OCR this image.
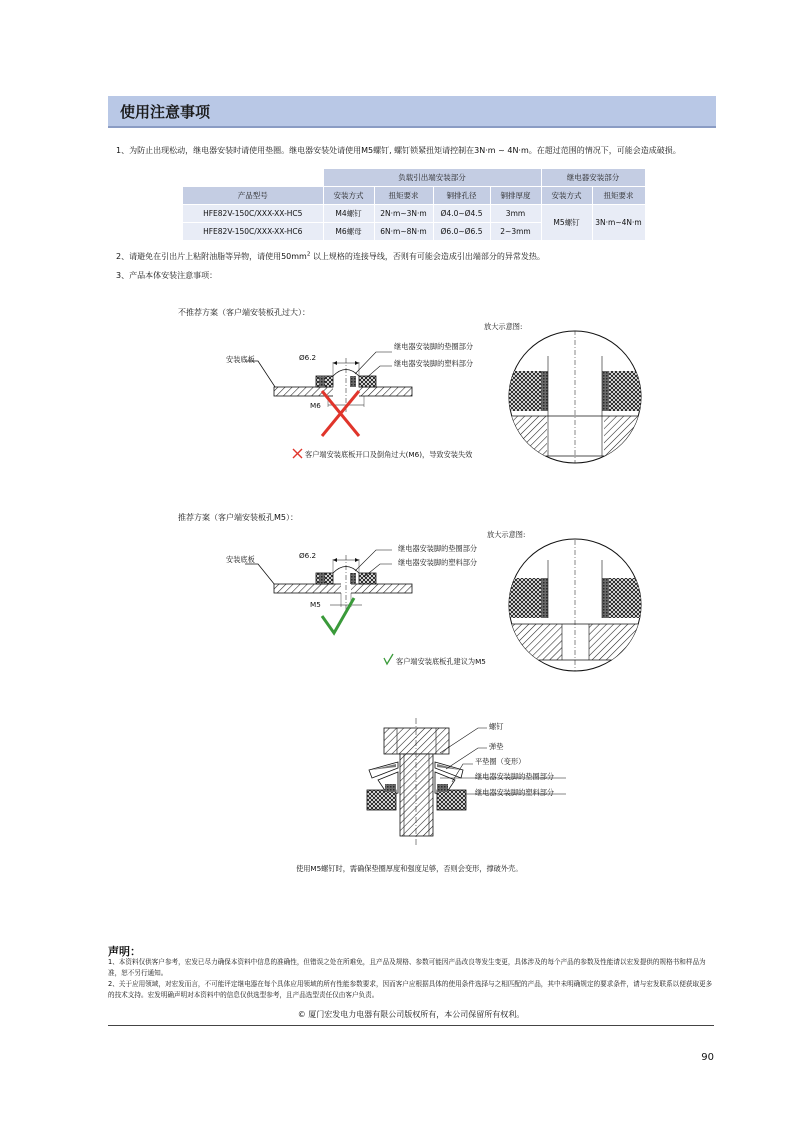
使用注意事项
1、为防止出现松动，继电器安装时请使用垫圈。继电器安装处请使用M5螺钉, 螺钉锁紧扭矩请控制在3N·m ~ 4N·m。在超过范围的情况下，可能会造成破损。
	负载引出端安装部分				继电器安装部分	
产品型号	安装方式	扭矩要求	铜排孔径	铜排厚度	安装方式	扭矩要求
HFE82V-150C/XXX-XX-HC5	M4螺钉	2N·m~3N·m	Ø4.0~Ø4.5	3mm	M5螺钉	3N·m~4N·m
HFE82V-150C/XXX-XX-HC6	M6螺母	6N·m~8N·m	Ø6.0~Ø6.5	2~3mm		
2、请避免在引出片上粘附油脂等异物，请使用$50mm^2$ 以上规格的连接导线，否则有可能会造成引出端部分的异常发热。
3、产品本体安装注意事项：
不推荐方案（客户端安装板孔过大）：
放大示意图:
安装底板	Ø6.2
继电器安装脚的垫圈部分
继电器安装脚的塑料部分
M6
客户端安装底板开口及倒角过大(M6)，导致安装失效
推荐方案（客户端安装板孔M5）：
放大示意图:
安装底板	Ø6.2
继电器安装脚的垫圈部分
继电器安装脚的塑料部分
M5
客户端安装底板孔建议为M5
螺钉
弹垫
平垫圈（变形）
继电器安装脚的垫圈部分
继电器安装脚的塑料部分
使用M5螺钉时，需确保垫圈厚度和强度足够，否则会变形，撑破外壳。
声明：
1、本资料仅供客户参考，宏发已尽力确保本资料中信息的准确性，但错误之处在所难免，且产品及规格、参数可能因产品改良等发生变更，具体涉及的每个产品的参数及性能请以宏发提供的规格书和样品为准，恕不另行通知。
2、关于应用领域，对宏发而言，不可能评定继电器在每个具体应用领域的所有性能参数要求，因而客户应根据具体的使用条件选择与之相匹配的产品，其中未明确规定的要求条件，请与宏发联系以便获取更多的技术支持。宏发明确声明对本资料中的信息仅供选型参考，且产品选型责任仅由客户负责。
© 厦门宏发电力电器有限公司版权所有，本公司保留所有权利。
90
